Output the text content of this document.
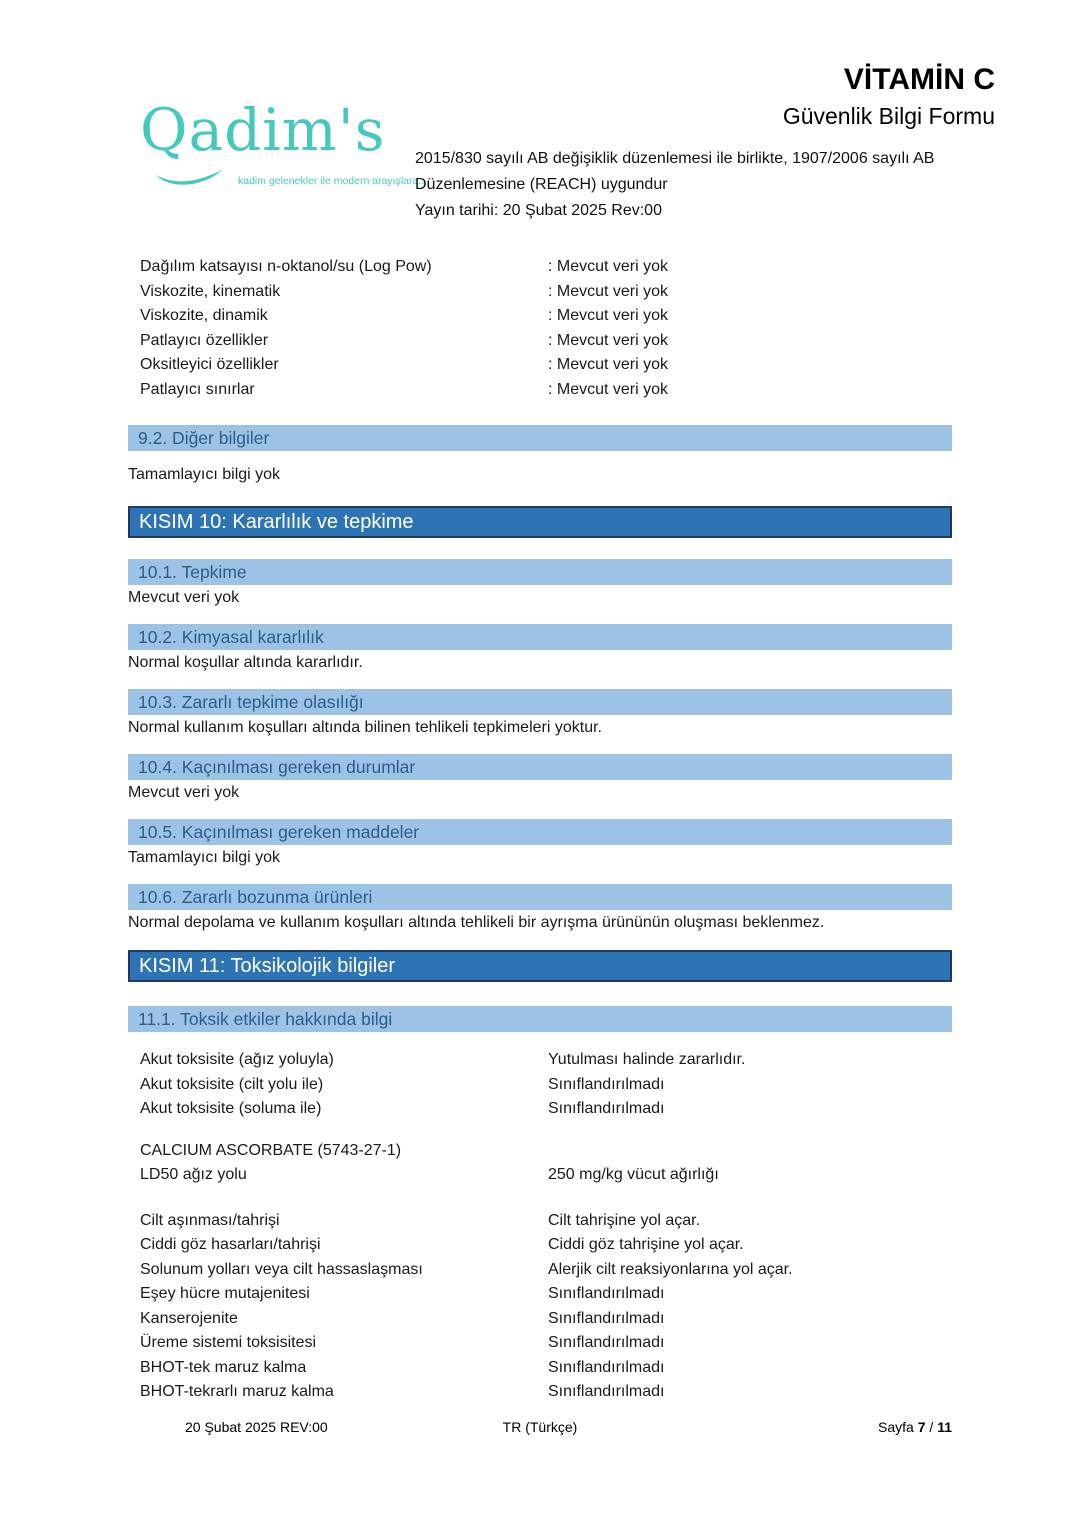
Qadim's
kadim gelenekler ile modern arayışlara...
VİTAMİN C
Güvenlik Bilgi Formu
2015/830 sayılı AB değişiklik düzenlemesi ile birlikte, 1907/2006 sayılı AB
Düzenlemesine (REACH) uygundur
Yayın tarihi: 20 Şubat 2025 Rev:00
Dağılım katsayısı n-oktanol/su (Log Pow)	: Mevcut veri yok
Viskozite, kinematik	: Mevcut veri yok
Viskozite, dinamik	: Mevcut veri yok
Patlayıcı özellikler	: Mevcut veri yok
Oksitleyici özellikler	: Mevcut veri yok
Patlayıcı sınırlar	: Mevcut veri yok
9.2. Diğer bilgiler

Tamamlayıcı bilgi yok

KISIM 10: Kararlılık ve tepkime
10.1. Tepkime

Mevcut veri yok

10.2. Kimyasal kararlılık

Normal koşullar altında kararlıdır.

10.3. Zararlı tepkime olasılığı

Normal kullanım koşulları altında bilinen tehlikeli tepkimeleri yoktur.

10.4. Kaçınılması gereken durumlar

Mevcut veri yok

10.5. Kaçınılması gereken maddeler

Tamamlayıcı bilgi yok

10.6. Zararlı bozunma ürünleri

Normal depolama ve kullanım koşulları altında tehlikeli bir ayrışma ürününün oluşması beklenmez.

KISIM 11: Toksikolojik bilgiler
11.1. Toksik etkiler hakkında bilgi
Akut toksisite (ağız yoluyla)	Yutulması halinde zararlıdır.
Akut toksisite (cilt yolu ile)	Sınıflandırılmadı
Akut toksisite (soluma ile)	Sınıflandırılmadı
CALCIUM ASCORBATE (5743-27-1)
LD50 ağız yolu	250 mg/kg vücut ağırlığı
Cilt aşınması/tahrişi	Cilt tahrişine yol açar.
Ciddi göz hasarları/tahrişi	Ciddi göz tahrişine yol açar.
Solunum yolları veya cilt hassaslaşması	Alerjik cilt reaksiyonlarına yol açar.
Eşey hücre mutajenitesi	Sınıflandırılmadı
Kanserojenite	Sınıflandırılmadı
Üreme sistemi toksisitesi	Sınıflandırılmadı
BHOT-tek maruz kalma	Sınıflandırılmadı
BHOT-tekrarlı maruz kalma	Sınıflandırılmadı
20 Şubat 2025 REV:00	TR (Türkçe)	Sayfa 7 / 11
